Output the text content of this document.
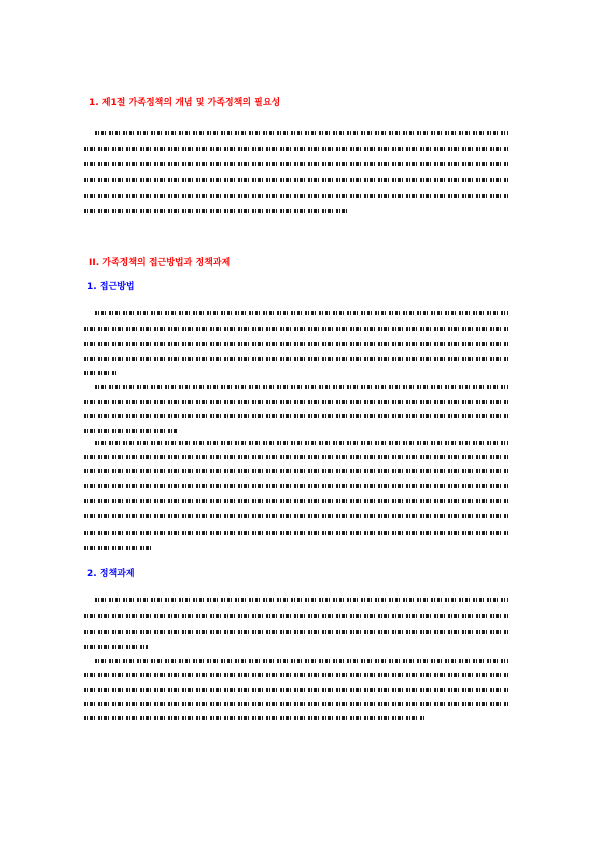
1. 제1절 가족정책의 개념 및 가족정책의 필요성
II. 가족정책의 접근방법과 정책과제
1. 접근방법
2. 정책과제
